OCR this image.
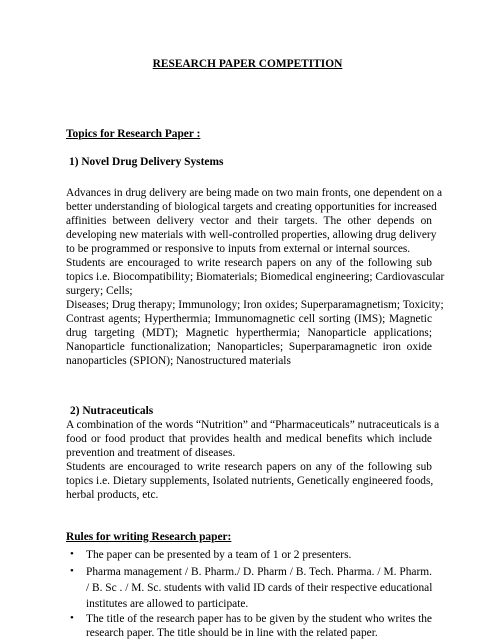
RESEARCH PAPER COMPETITION
Topics for Research Paper :
1) Novel Drug Delivery Systems
Advances in drug delivery are being made on two main fronts, one dependent on a
better understanding of biological targets and creating opportunities for increased
affinities between delivery vector and their targets. The other depends on
developing new materials with well-controlled properties, allowing drug delivery
to be programmed or responsive to inputs from external or internal sources.
Students are encouraged to write research papers on any of the following sub
topics i.e. Biocompatibility; Biomaterials; Biomedical engineering; Cardiovascular
surgery; Cells;
Diseases; Drug therapy; Immunology; Iron oxides; Superparamagnetism; Toxicity;
Contrast agents; Hyperthermia; Immunomagnetic cell sorting (IMS); Magnetic
drug targeting (MDT); Magnetic hyperthermia; Nanoparticle applications;
Nanoparticle functionalization; Nanoparticles; Superparamagnetic iron oxide
nanoparticles (SPION); Nanostructured materials
2) Nutraceuticals
A combination of the words “Nutrition” and “Pharmaceuticals” nutraceuticals is a
food or food product that provides health and medical benefits which include
prevention and treatment of diseases.
Students are encouraged to write research papers on any of the following sub
topics i.e. Dietary supplements, Isolated nutrients, Genetically engineered foods,
herbal products, etc.
Rules for writing Research paper:
• The paper can be presented by a team of 1 or 2 presenters.
• Pharma management / B. Pharm./ D. Pharm / B. Tech. Pharma. / M. Pharm.
/ B. Sc . / M. Sc. students with valid ID cards of their respective educational
institutes are allowed to participate.
• The title of the research paper has to be given by the student who writes the
research paper. The title should be in line with the related paper.
